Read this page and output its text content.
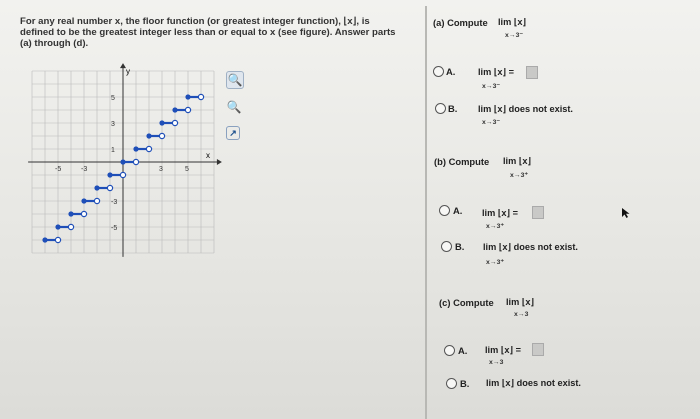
For any real number x, the floor function (or greatest integer function), ⌊x⌋, is
defined to be the greatest integer less than or equal to x (see figure). Answer parts
(a) through (d).
y
x
-5	-3	3	5
5
3
1
-3
-5
🔍
🔍
↗
(a) Compute lim ⌊x⌋
x→3⁻
A. lim ⌊x⌋ =
x→3⁻
B. lim ⌊x⌋ does not exist.
x→3⁻
(b) Compute lim ⌊x⌋
x→3⁺
A. lim ⌊x⌋ =
x→3⁺
B. lim ⌊x⌋ does not exist.
x→3⁺
(c) Compute lim ⌊x⌋
x→3
A. lim ⌊x⌋ =
x→3
B. lim ⌊x⌋ does not exist.
